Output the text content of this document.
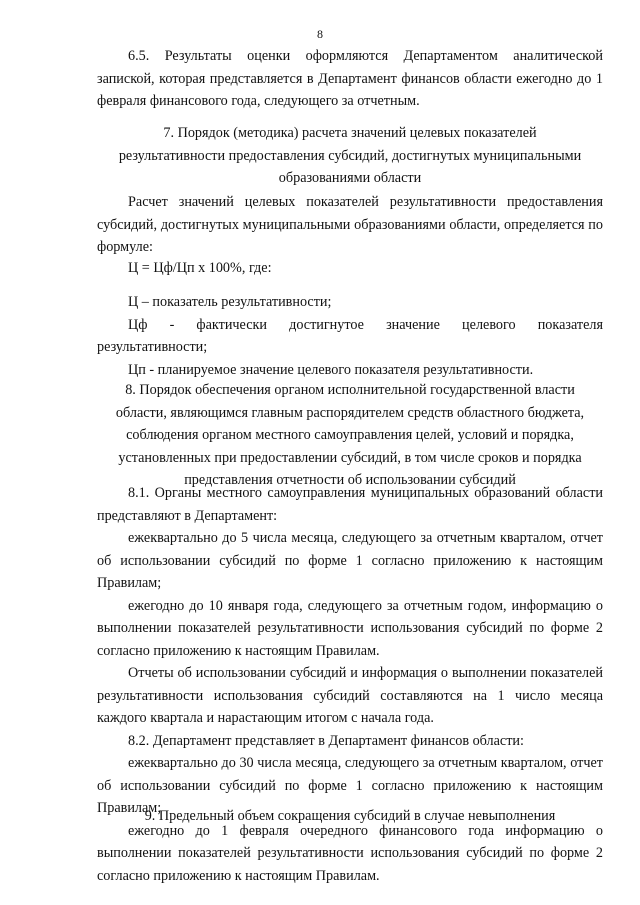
8
6.5. Результаты оценки оформляются Департаментом аналитической запиской, которая представляется в Департамент финансов области ежегодно до 1 февраля финансового года, следующего за отчетным.
7. Порядок (методика) расчета значений целевых показателей
результативности предоставления субсидий, достигнутых муниципальными
образованиями области
Расчет значений целевых показателей результативности предоставления субсидий, достигнутых муниципальными образованиями области, определяется по формуле:
Ц = Цф/Цп х 100%, где:
Ц – показатель результативности;
Цф - фактически достигнутое значение целевого показателя результативности;
Цп - планируемое значение целевого показателя результативности.
8. Порядок обеспечения органом исполнительной государственной власти
области, являющимся главным распорядителем средств областного бюджета,
соблюдения органом местного самоуправления целей, условий и порядка,
установленных при предоставлении субсидий, в том числе сроков и порядка
представления отчетности об использовании субсидий
8.1. Органы местного самоуправления муниципальных образований области представляют в Департамент:
ежеквартально до 5 числа месяца, следующего за отчетным кварталом, отчет об использовании субсидий по форме 1 согласно приложению к настоящим Правилам;
ежегодно до 10 января года, следующего за отчетным годом, информацию о выполнении показателей результативности использования субсидий по форме 2 согласно приложению к настоящим Правилам.
Отчеты об использовании субсидий и информация о выполнении показателей результативности использования субсидий составляются на 1 число месяца каждого квартала и нарастающим итогом с начала года.
8.2. Департамент представляет в Департамент финансов области:
ежеквартально до 30 числа месяца, следующего за отчетным кварталом, отчет об использовании субсидий по форме 1 согласно приложению к настоящим Правилам;
ежегодно до 1 февраля очередного финансового года информацию о выполнении показателей результативности использования субсидий по форме 2 согласно приложению к настоящим Правилам.
9. Предельный объем сокращения субсидий в случае невыполнения
